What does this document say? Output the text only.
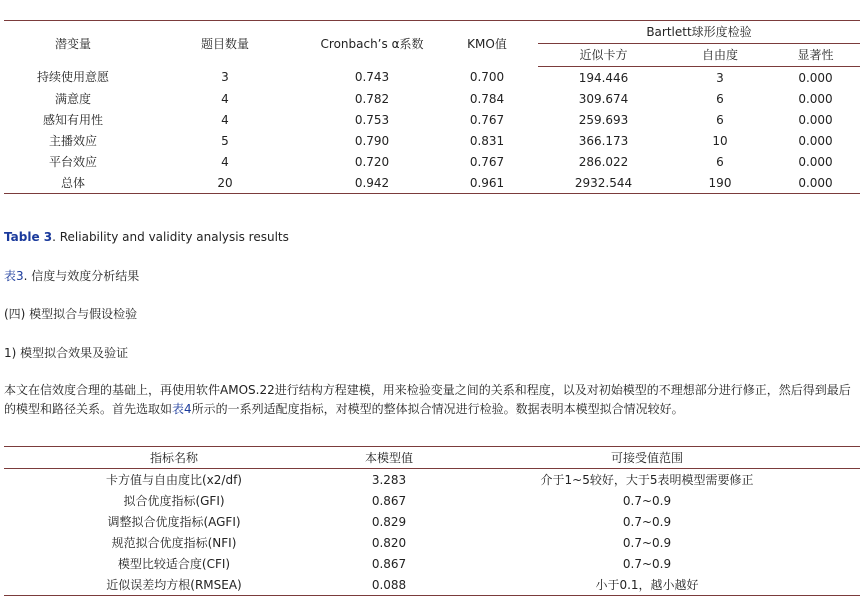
潜变量	题目数量	Cronbach’s α系数	KMO值	Bartlett球形度检验		
				近似卡方	自由度	显著性
持续使用意愿	3	0.743	0.700	194.446	3	0.000
满意度	4	0.782	0.784	309.674	6	0.000
感知有用性	4	0.753	0.767	259.693	6	0.000
主播效应	5	0.790	0.831	366.173	10	0.000
平台效应	4	0.720	0.767	286.022	6	0.000
总体	20	0.942	0.961	2932.544	190	0.000

Table 3. Reliability and validity analysis results

表3. 信度与效度分析结果

(四) 模型拟合与假设检验

1) 模型拟合效果及验证

本文在信效度合理的基础上，再使用软件AMOS.22进行结构方程建模，用来检验变量之间的关系和程度，以及对初始模型的不理想部分进行修正，然后得到最后的模型和路径关系。首先选取如表4所示的一系列适配度指标，对模型的整体拟合情况进行检验。数据表明本模型拟合情况较好。

指标名称	本模型值	可接受值范围
卡方值与自由度比(x2/df)	3.283	介于1~5较好，大于5表明模型需要修正
拟合优度指标(GFI)	0.867	0.7~0.9
调整拟合优度指标(AGFI)	0.829	0.7~0.9
规范拟合优度指标(NFI)	0.820	0.7~0.9
模型比较适合度(CFI)	0.867	0.7~0.9
近似误差均方根(RMSEA)	0.088	小于0.1，越小越好
